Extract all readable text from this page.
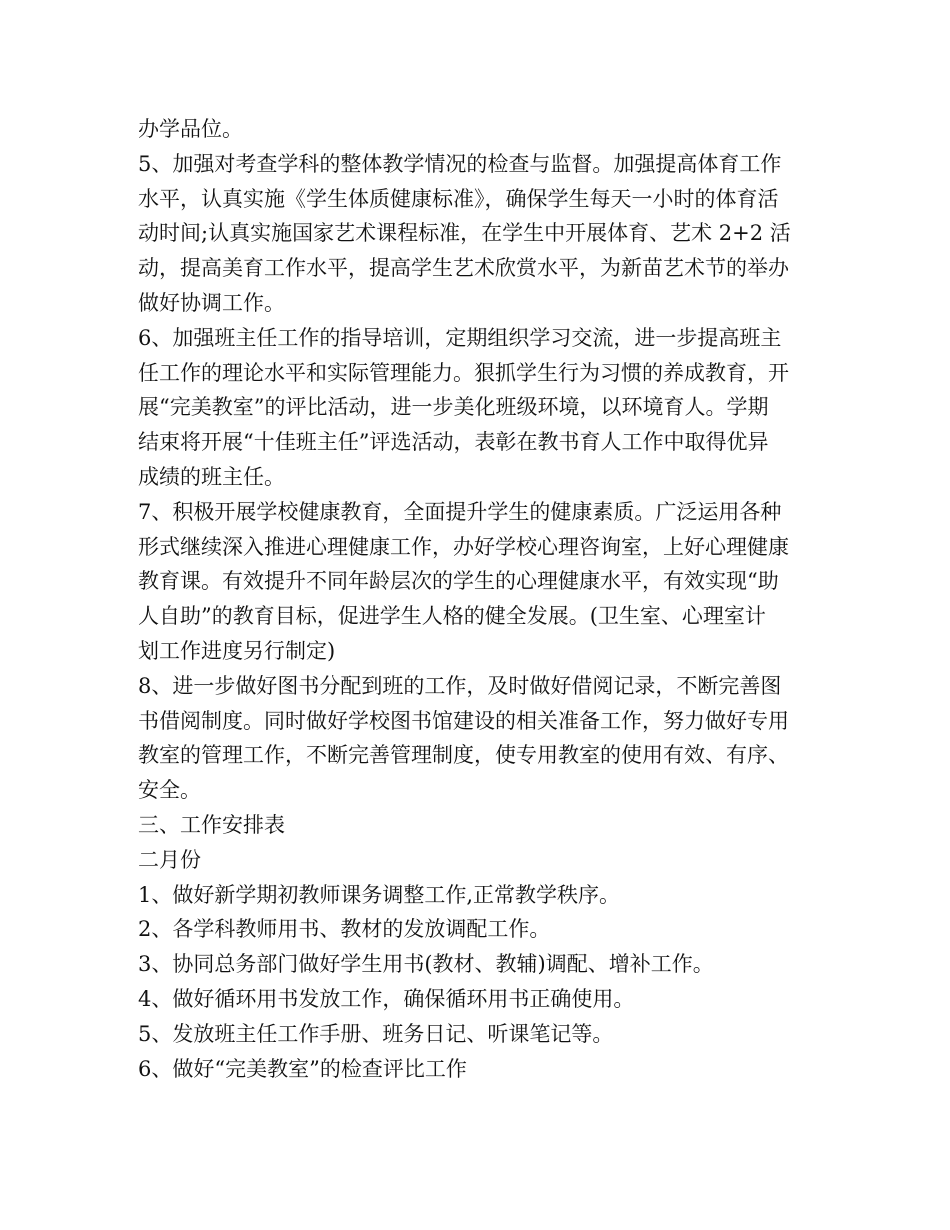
办学品位。
5、加强对考查学科的整体教学情况的检查与监督。加强提高体育工作
水平，认真实施《学生体质健康标准》，确保学生每天一小时的体育活
动时间;认真实施国家艺术课程标准，在学生中开展体育、艺术 2+2 活
动，提高美育工作水平，提高学生艺术欣赏水平，为新苗艺术节的举办
做好协调工作。
6、加强班主任工作的指导培训，定期组织学习交流，进一步提高班主
任工作的理论水平和实际管理能力。狠抓学生行为习惯的养成教育，开
展“完美教室”的评比活动，进一步美化班级环境，以环境育人。学期
结束将开展“十佳班主任”评选活动，表彰在教书育人工作中取得优异
成绩的班主任。
7、积极开展学校健康教育，全面提升学生的健康素质。广泛运用各种
形式继续深入推进心理健康工作，办好学校心理咨询室，上好心理健康
教育课。有效提升不同年龄层次的学生的心理健康水平，有效实现“助
人自助”的教育目标，促进学生人格的健全发展。(卫生室、心理室计
划工作进度另行制定)
8、进一步做好图书分配到班的工作，及时做好借阅记录，不断完善图
书借阅制度。同时做好学校图书馆建设的相关准备工作，努力做好专用
教室的管理工作，不断完善管理制度，使专用教室的使用有效、有序、
安全。
三、工作安排表
二月份
1、做好新学期初教师课务调整工作,正常教学秩序。
2、各学科教师用书、教材的发放调配工作。
3、协同总务部门做好学生用书(教材、教辅)调配、增补工作。
4、做好循环用书发放工作，确保循环用书正确使用。
5、发放班主任工作手册、班务日记、听课笔记等。
6、做好“完美教室”的检查评比工作
